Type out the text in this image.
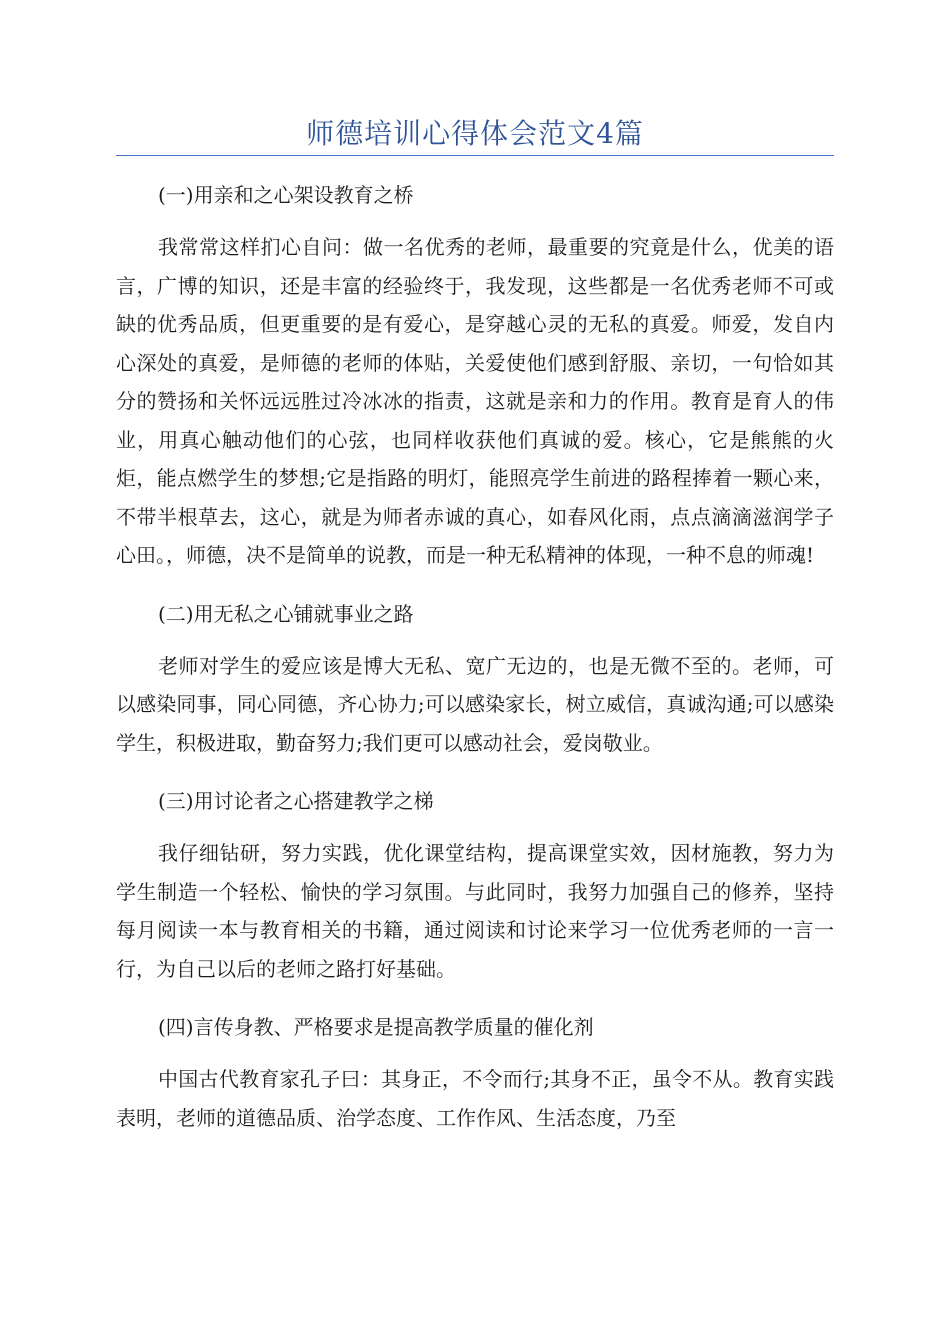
师德培训心得体会范文4篇
(一)用亲和之心架设教育之桥

我常常这样扪心自问：做一名优秀的老师，最重要的究竟是什么，优美的语言，广博的知识，还是丰富的经验终于，我发现，这些都是一名优秀老师不可或缺的优秀品质，但更重要的是有爱心，是穿越心灵的无私的真爱。师爱，发自内心深处的真爱，是师德的老师的体贴，关爱使他们感到舒服、亲切，一句恰如其分的赞扬和关怀远远胜过冷冰冰的指责，这就是亲和力的作用。教育是育人的伟业，用真心触动他们的心弦，也同样收获他们真诚的爱。核心，它是熊熊的火炬，能点燃学生的梦想;它是指路的明灯，能照亮学生前进的路程捧着一颗心来，不带半根草去，这心，就是为师者赤诚的真心，如春风化雨，点点滴滴滋润学子心田。，师德，决不是简单的说教，而是一种无私精神的体现，一种不息的师魂!

(二)用无私之心铺就事业之路

老师对学生的爱应该是博大无私、宽广无边的，也是无微不至的。老师，可以感染同事，同心同德，齐心协力;可以感染家长，树立威信，真诚沟通;可以感染学生，积极进取，勤奋努力;我们更可以感动社会，爱岗敬业。

(三)用讨论者之心搭建教学之梯

我仔细钻研，努力实践，优化课堂结构，提高课堂实效，因材施教，努力为学生制造一个轻松、愉快的学习氛围。与此同时，我努力加强自己的修养，坚持每月阅读一本与教育相关的书籍，通过阅读和讨论来学习一位优秀老师的一言一行，为自己以后的老师之路打好基础。

(四)言传身教、严格要求是提高教学质量的催化剂

中国古代教育家孔子曰：其身正，不令而行;其身不正，虽令不从。教育实践表明，老师的道德品质、治学态度、工作作风、生活态度，乃至
